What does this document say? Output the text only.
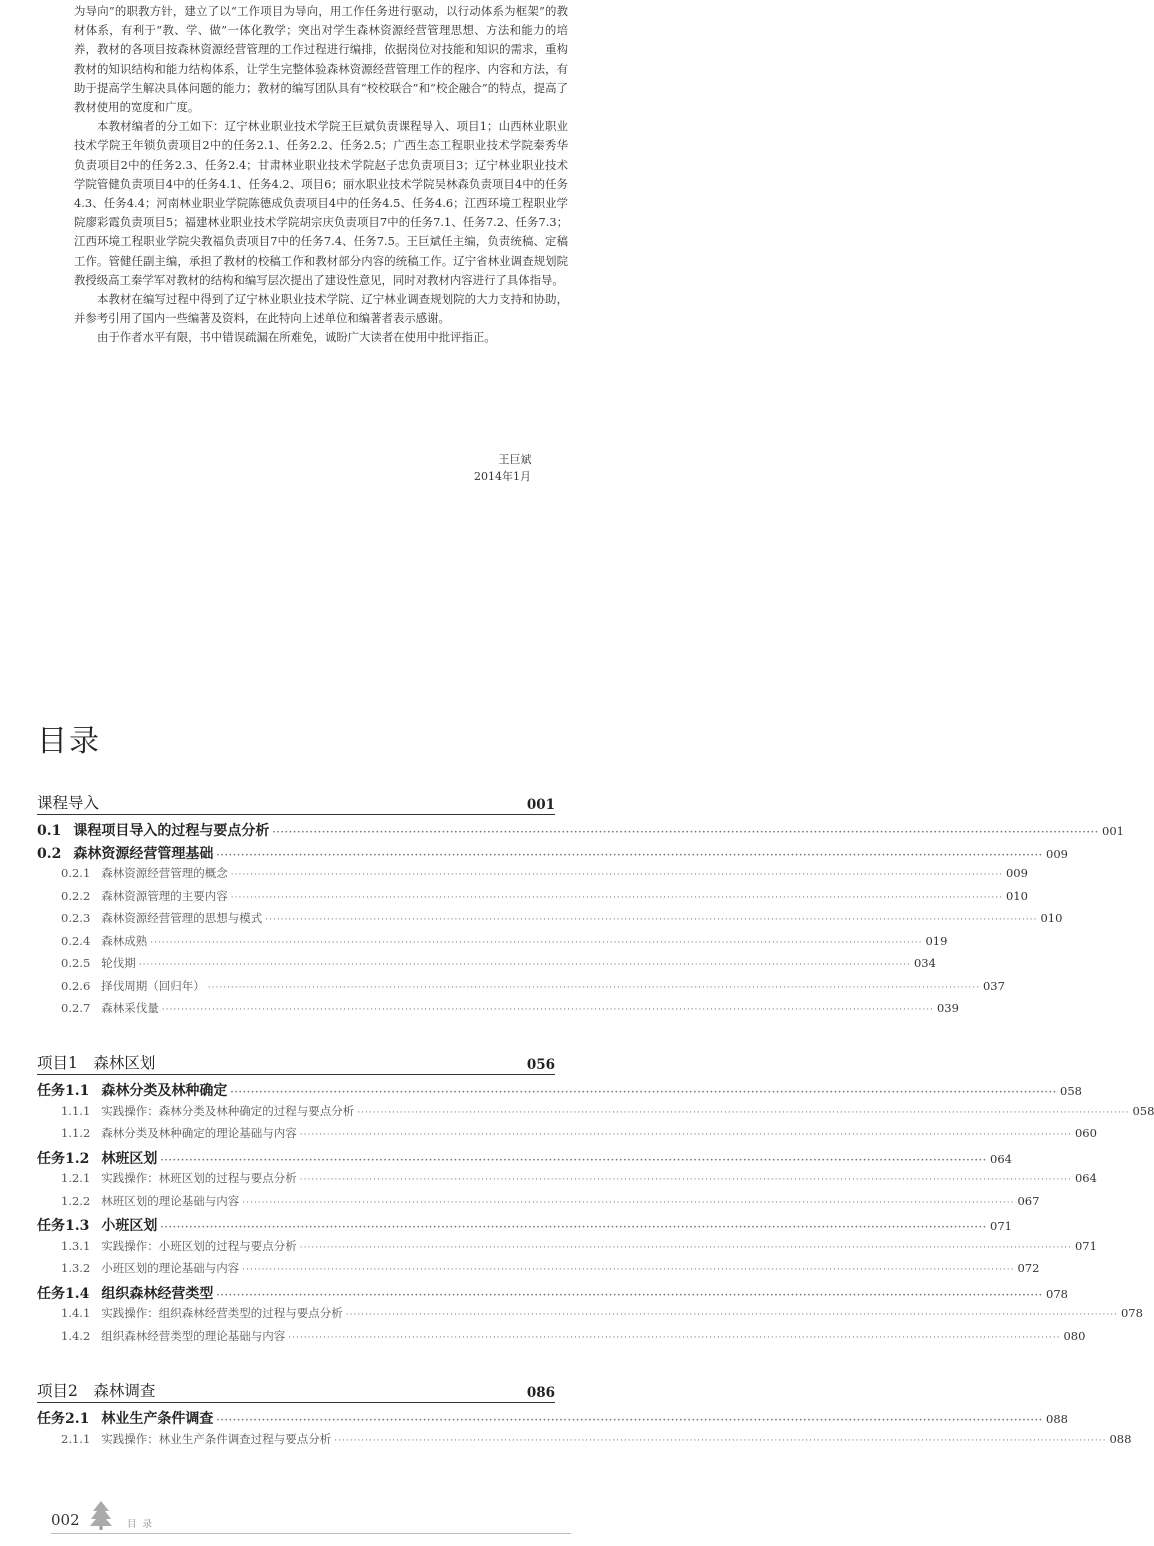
为导向”的职教方针，建立了以“工作项目为导向，用工作任务进行驱动，以行动体系为框架”的教材体系，有利于“教、学、做”一体化教学；突出对学生森林资源经营管理思想、方法和能力的培养，教材的各项目按森林资源经营管理的工作过程进行编排，依据岗位对技能和知识的需求，重构教材的知识结构和能力结构体系，让学生完整体验森林资源经营管理工作的程序、内容和方法，有助于提高学生解决具体问题的能力；教材的编写团队具有“校校联合”和“校企融合”的特点，提高了教材使用的宽度和广度。

本教材编者的分工如下：辽宁林业职业技术学院王巨斌负责课程导入、项目1；山西林业职业技术学院王年锁负责项目2中的任务2.1、任务2.2、任务2.5；广西生态工程职业技术学院秦秀华负责项目2中的任务2.3、任务2.4；甘肃林业职业技术学院赵子忠负责项目3；辽宁林业职业技术学院管健负责项目4中的任务4.1、任务4.2、项目6；丽水职业技术学院吴林森负责项目4中的任务4.3、任务4.4；河南林业职业学院陈德成负责项目4中的任务4.5、任务4.6；江西环境工程职业学院廖彩霞负责项目5；福建林业职业技术学院胡宗庆负责项目7中的任务7.1、任务7.2、任务7.3；江西环境工程职业学院尖教福负责项目7中的任务7.4、任务7.5。王巨斌任主编，负责统稿、定稿工作。管健任副主编，承担了教材的校稿工作和教材部分内容的统稿工作。辽宁省林业调查规划院教授级高工秦学军对教材的结构和编写层次提出了建设性意见，同时对教材内容进行了具体指导。

本教材在编写过程中得到了辽宁林业职业技术学院、辽宁林业调查规划院的大力支持和协助，并参考引用了国内一些编著及资料，在此特向上述单位和编著者表示感谢。

由于作者水平有限，书中错误疏漏在所难免，诚盼广大读者在使用中批评指正。

王巨斌
2014年1月
目录
课程导入	001
0.1 课程项目导入的过程与要点分析 ········································································································································································································ 001
0.2 森林资源经营管理基础 ········································································································································································································ 009
0.2.1 森林资源经营管理的概念 ········································································································································································································ 009
0.2.2 森林资源管理的主要内容 ········································································································································································································ 010
0.2.3 森林资源经营管理的思想与模式 ········································································································································································································ 010
0.2.4 森林成熟 ········································································································································································································ 019
0.2.5 轮伐期 ········································································································································································································ 034
0.2.6 择伐周期（回归年） ········································································································································································································ 037
0.2.7 森林采伐量 ········································································································································································································ 039
项目1　森林区划	056
任务1.1 森林分类及林种确定 ········································································································································································································ 058
1.1.1 实践操作：森林分类及林种确定的过程与要点分析 ········································································································································································································ 058
1.1.2 森林分类及林种确定的理论基础与内容 ········································································································································································································ 060
任务1.2 林班区划 ········································································································································································································ 064
1.2.1 实践操作：林班区划的过程与要点分析 ········································································································································································································ 064
1.2.2 林班区划的理论基础与内容 ········································································································································································································ 067
任务1.3 小班区划 ········································································································································································································ 071
1.3.1 实践操作：小班区划的过程与要点分析 ········································································································································································································ 071
1.3.2 小班区划的理论基础与内容 ········································································································································································································ 072
任务1.4 组织森林经营类型 ········································································································································································································ 078
1.4.1 实践操作：组织森林经营类型的过程与要点分析 ········································································································································································································ 078
1.4.2 组织森林经营类型的理论基础与内容 ········································································································································································································ 080
项目2　森林调查	086
任务2.1 林业生产条件调查 ········································································································································································································ 088
2.1.1 实践操作：林业生产条件调查过程与要点分析 ········································································································································································································ 088
002	目录
